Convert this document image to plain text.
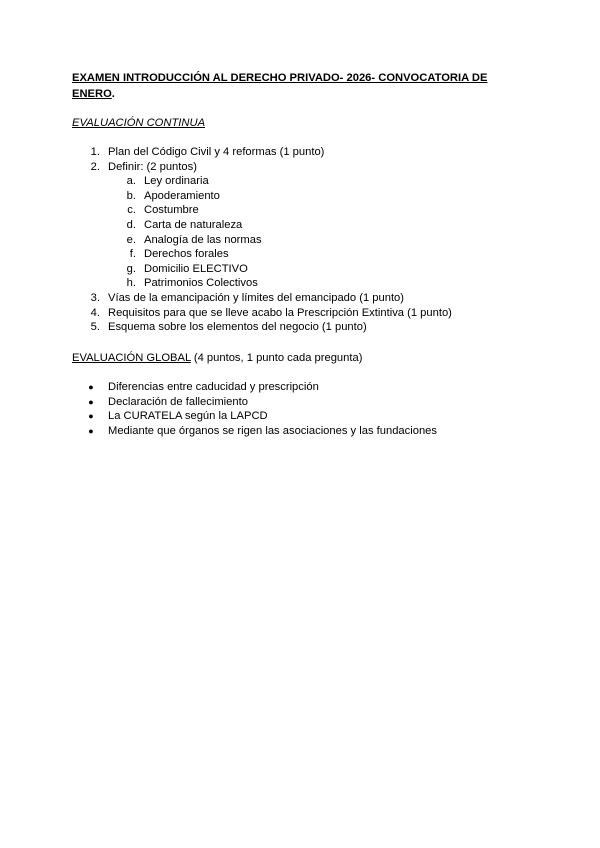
EXAMEN INTRODUCCIÓN AL DERECHO PRIVADO- 2026- CONVOCATORIA DE ENERO.
EVALUACIÓN CONTINUA
1. Plan del Código Civil y 4 reformas (1 punto)
2. Definir: (2 puntos)
a. Ley ordinaria
b. Apoderamiento
c. Costumbre
d. Carta de naturaleza
e. Analogía de las normas
f. Derechos forales
g. Domicilio ELECTIVO
h. Patrimonios Colectivos
3. Vías de la emancipación y límites del emancipado (1 punto)
4. Requisitos para que se lleve acabo la Prescripción Extintiva (1 punto)
5. Esquema sobre los elementos del negocio (1 punto)
EVALUACIÓN GLOBAL (4 puntos, 1 punto cada pregunta)
● Diferencias entre caducidad y prescripción
● Declaración de fallecimiento
● La CURATELA según la LAPCD
● Mediante que órganos se rigen las asociaciones y las fundaciones
